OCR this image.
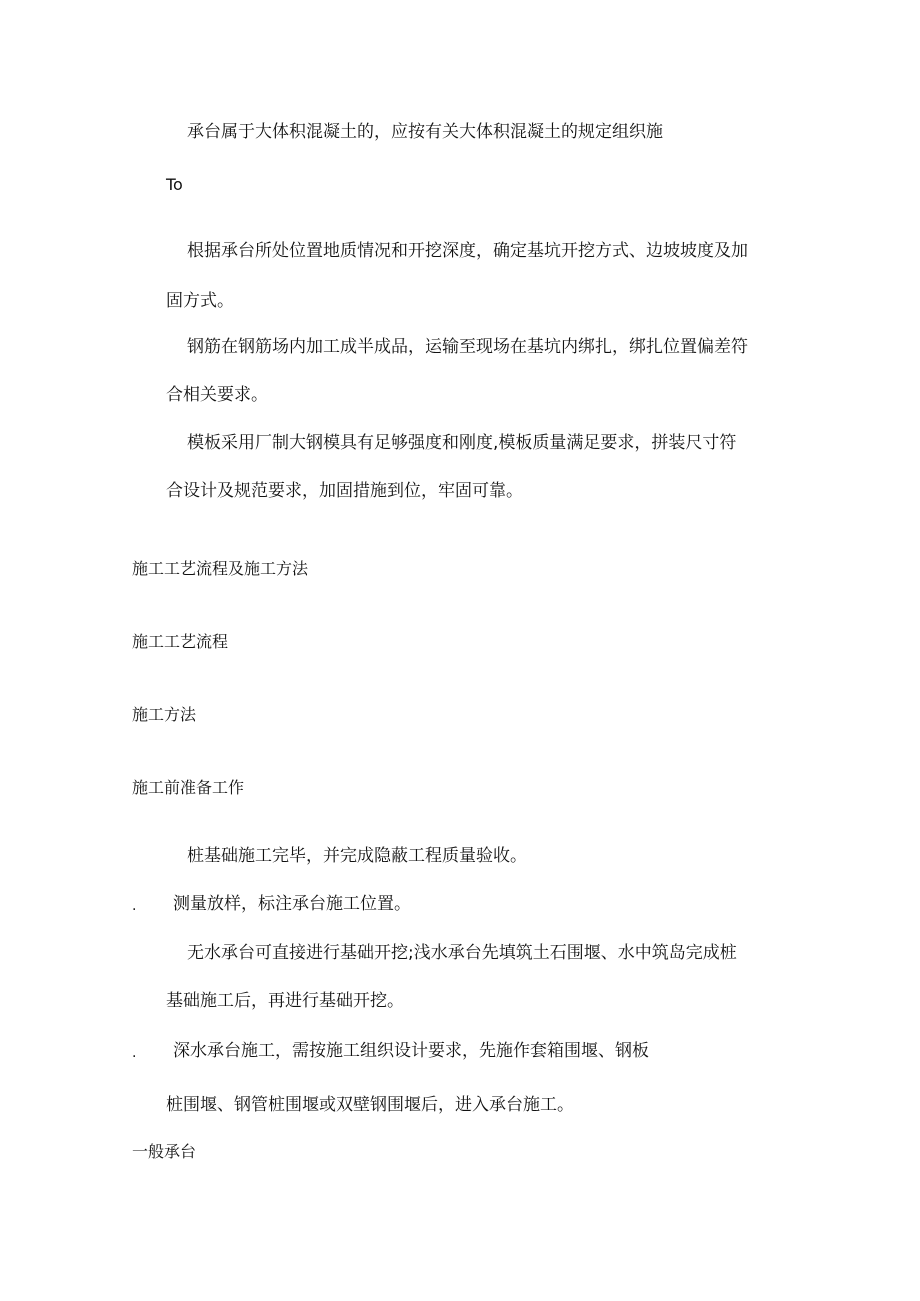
承台属于大体积混凝土的，应按有关大体积混凝土的规定组织施
To
根据承台所处位置地质情况和开挖深度，确定基坑开挖方式、边坡坡度及加
固方式。
钢筋在钢筋场内加工成半成品，运输至现场在基坑内绑扎，绑扎位置偏差符
合相关要求。
模板采用厂制大钢模具有足够强度和刚度,模板质量满足要求，拼装尺寸符
合设计及规范要求，加固措施到位，牢固可靠。
施工工艺流程及施工方法
施工工艺流程
施工方法
施工前准备工作
桩基础施工完毕，并完成隐蔽工程质量验收。
. 测量放样，标注承台施工位置。
无水承台可直接进行基础开挖;浅水承台先填筑土石围堰、水中筑岛完成桩
基础施工后，再进行基础开挖。
. 深水承台施工，需按施工组织设计要求，先施作套箱围堰、钢板
桩围堰、钢管桩围堰或双壁钢围堰后，进入承台施工。
一般承台
